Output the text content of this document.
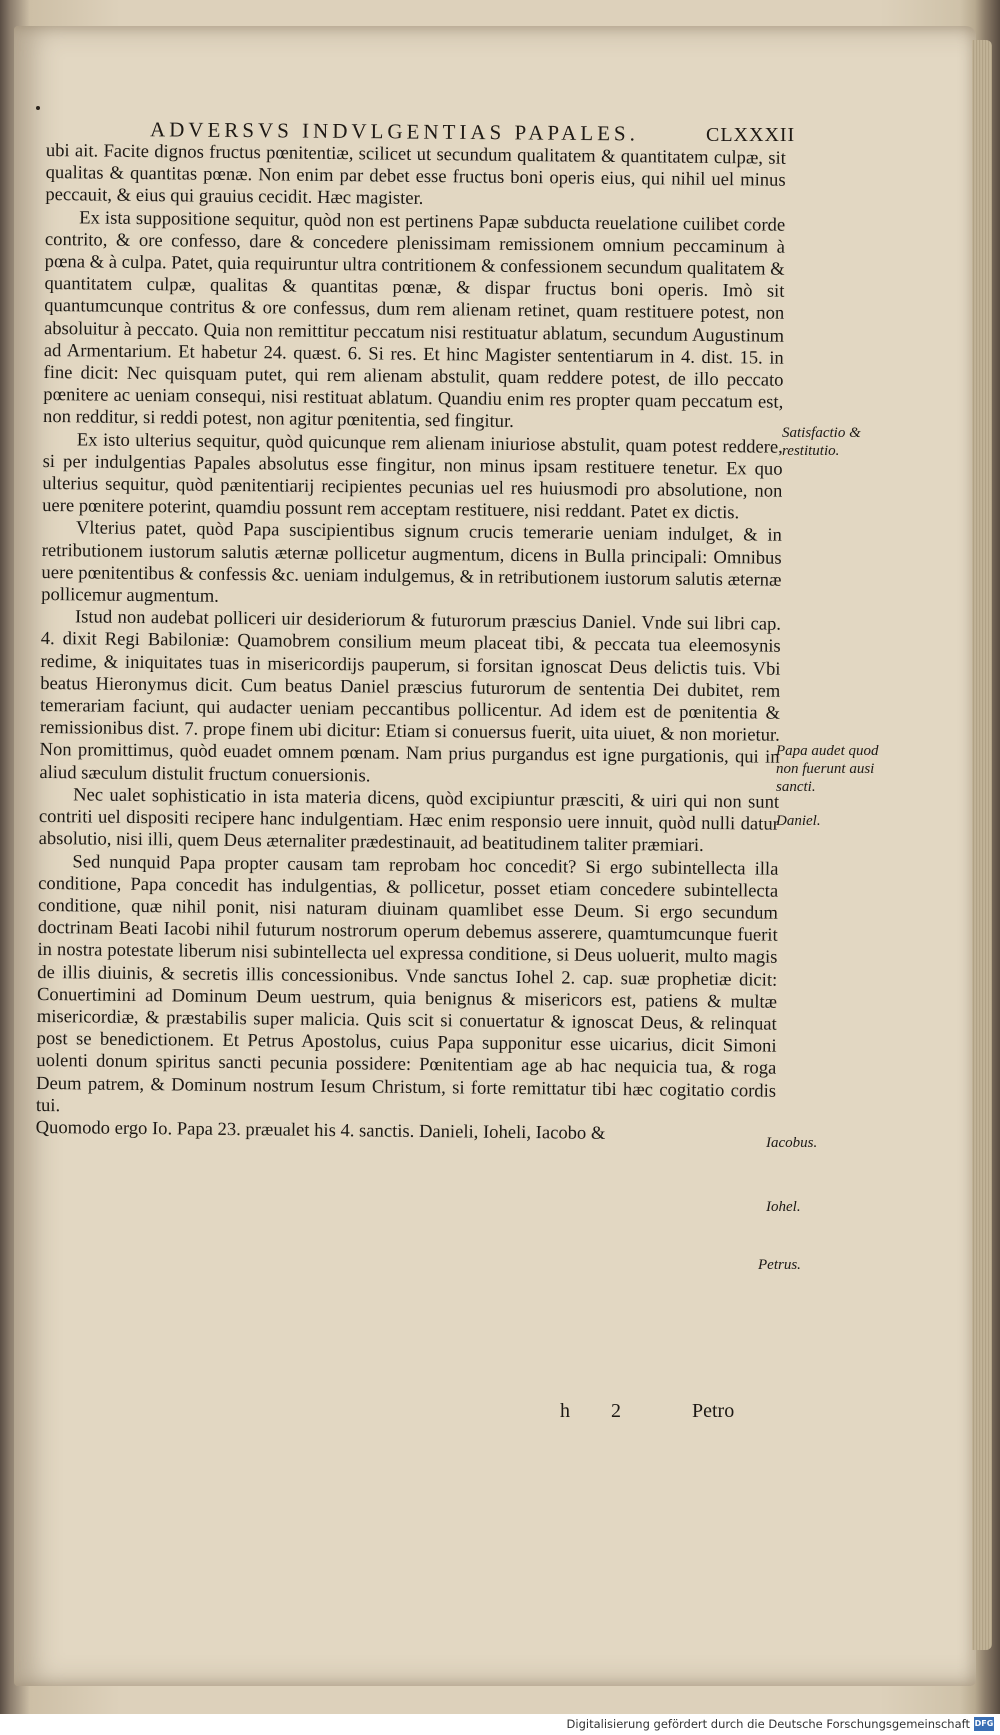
ADVERSVS INDVLGENTIAS PAPALES.	CLXXXII

ubi ait. Facite dignos fructus pœnitentiæ, scilicet ut secundum qualitatem & quantitatem culpæ, sit qualitas & quantitas pœnæ. Non enim par debet esse fructus boni operis eius, qui nihil uel minus peccauit, & eius qui grauius cecidit. Hæc magister.

Ex ista suppositione sequitur, quòd non est pertinens Papæ subducta reuelatione cuilibet corde contrito, & ore confesso, dare & concedere plenissimam remissionem omnium peccaminum à pœna & à culpa. Patet, quia requiruntur ultra contritionem & confessionem secundum qualitatem & quantitatem culpæ, qualitas & quantitas pœnæ, & dispar fructus boni operis. Imò sit quantumcunque contritus & ore confessus, dum rem alienam retinet, quam restituere potest, non absoluitur à peccato. Quia non remittitur peccatum nisi restituatur ablatum, secundum Augustinum ad Armentarium. Et habetur 24. quæst. 6. Si res. Et hinc Magister sententiarum in 4. dist. 15. in fine dicit: Nec quisquam putet, qui rem alienam abstulit, quam reddere potest, de illo peccato pœnitere ac ueniam consequi, nisi restituat ablatum. Quandiu enim res propter quam peccatum est, non redditur, si reddi potest, non agitur pœnitentia, sed fingitur.

Ex isto ulterius sequitur, quòd quicunque rem alienam iniuriose abstulit, quam potest reddere, si per indulgentias Papales absolutus esse fingitur, non minus ipsam restituere tenetur. Ex quo ulterius sequitur, quòd pænitentiarij recipientes pecunias uel res huiusmodi pro absolutione, non uere pœnitere poterint, quamdiu possunt rem acceptam restituere, nisi reddant. Patet ex dictis.

Vlterius patet, quòd Papa suscipientibus signum crucis temerarie ueniam indulget, & in retributionem iustorum salutis æternæ pollicetur augmentum, dicens in Bulla principali: Omnibus uere pœnitentibus & confessis &c. ueniam indulgemus, & in retributionem iustorum salutis æternæ pollicemur augmentum.

Istud non audebat polliceri uir desideriorum & futurorum præscius Daniel. Vnde sui libri cap. 4. dixit Regi Babiloniæ: Quamobrem consilium meum placeat tibi, & peccata tua eleemosynis redime, & iniquitates tuas in misericordijs pauperum, si forsitan ignoscat Deus delictis tuis. Vbi beatus Hieronymus dicit. Cum beatus Daniel præscius futurorum de sententia Dei dubitet, rem temerariam faciunt, qui audacter ueniam peccantibus pollicentur. Ad idem est de pœnitentia & remissionibus dist. 7. prope finem ubi dicitur: Etiam si conuersus fuerit, uita uiuet, & non morietur. Non promittimus, quòd euadet omnem pœnam. Nam prius purgandus est igne purgationis, qui in aliud sæculum distulit fructum conuersionis.

Nec ualet sophisticatio in ista materia dicens, quòd excipiuntur præsciti, & uiri qui non sunt contriti uel dispositi recipere hanc indulgentiam. Hæc enim responsio uere innuit, quòd nulli datur absolutio, nisi illi, quem Deus æternaliter prædestinauit, ad beatitudinem taliter præmiari.

Sed nunquid Papa propter causam tam reprobam hoc concedit? Si ergo subintellecta illa conditione, Papa concedit has indulgentias, & pollicetur, posset etiam concedere subintellecta conditione, quæ nihil ponit, nisi naturam diuinam quamlibet esse Deum. Si ergo secundum doctrinam Beati Iacobi nihil futurum nostrorum operum debemus asserere, quamtumcunque fuerit in nostra potestate liberum nisi subintellecta uel expressa conditione, si Deus uoluerit, multo magis de illis diuinis, & secretis illis concessionibus. Vnde sanctus Iohel 2. cap. suæ prophetiæ dicit: Conuertimini ad Dominum Deum uestrum, quia benignus & misericors est, patiens & multæ misericordiæ, & præstabilis super malicia. Quis scit si conuertatur & ignoscat Deus, & relinquat post se benedictionem. Et Petrus Apostolus, cuius Papa supponitur esse uicarius, dicit Simoni uolenti donum spiritus sancti pecunia possidere: Pœnitentiam age ab hac nequicia tua, & roga Deum patrem, & Dominum nostrum Iesum Christum, si forte remittatur tibi hæc cogitatio cordis tui.

Quomodo ergo Io. Papa 23. præualet his 4. sanctis. Danieli, Ioheli, Iacobo &

Satisfactio & restitutio.
Papa audet quod non fuerunt ausi sancti.
Daniel.
Iacobus.
Iohel.
Petrus.
h 2	Petro
Digitalisierung gefördert durch die Deutsche Forschungsgemeinschaft DFG
